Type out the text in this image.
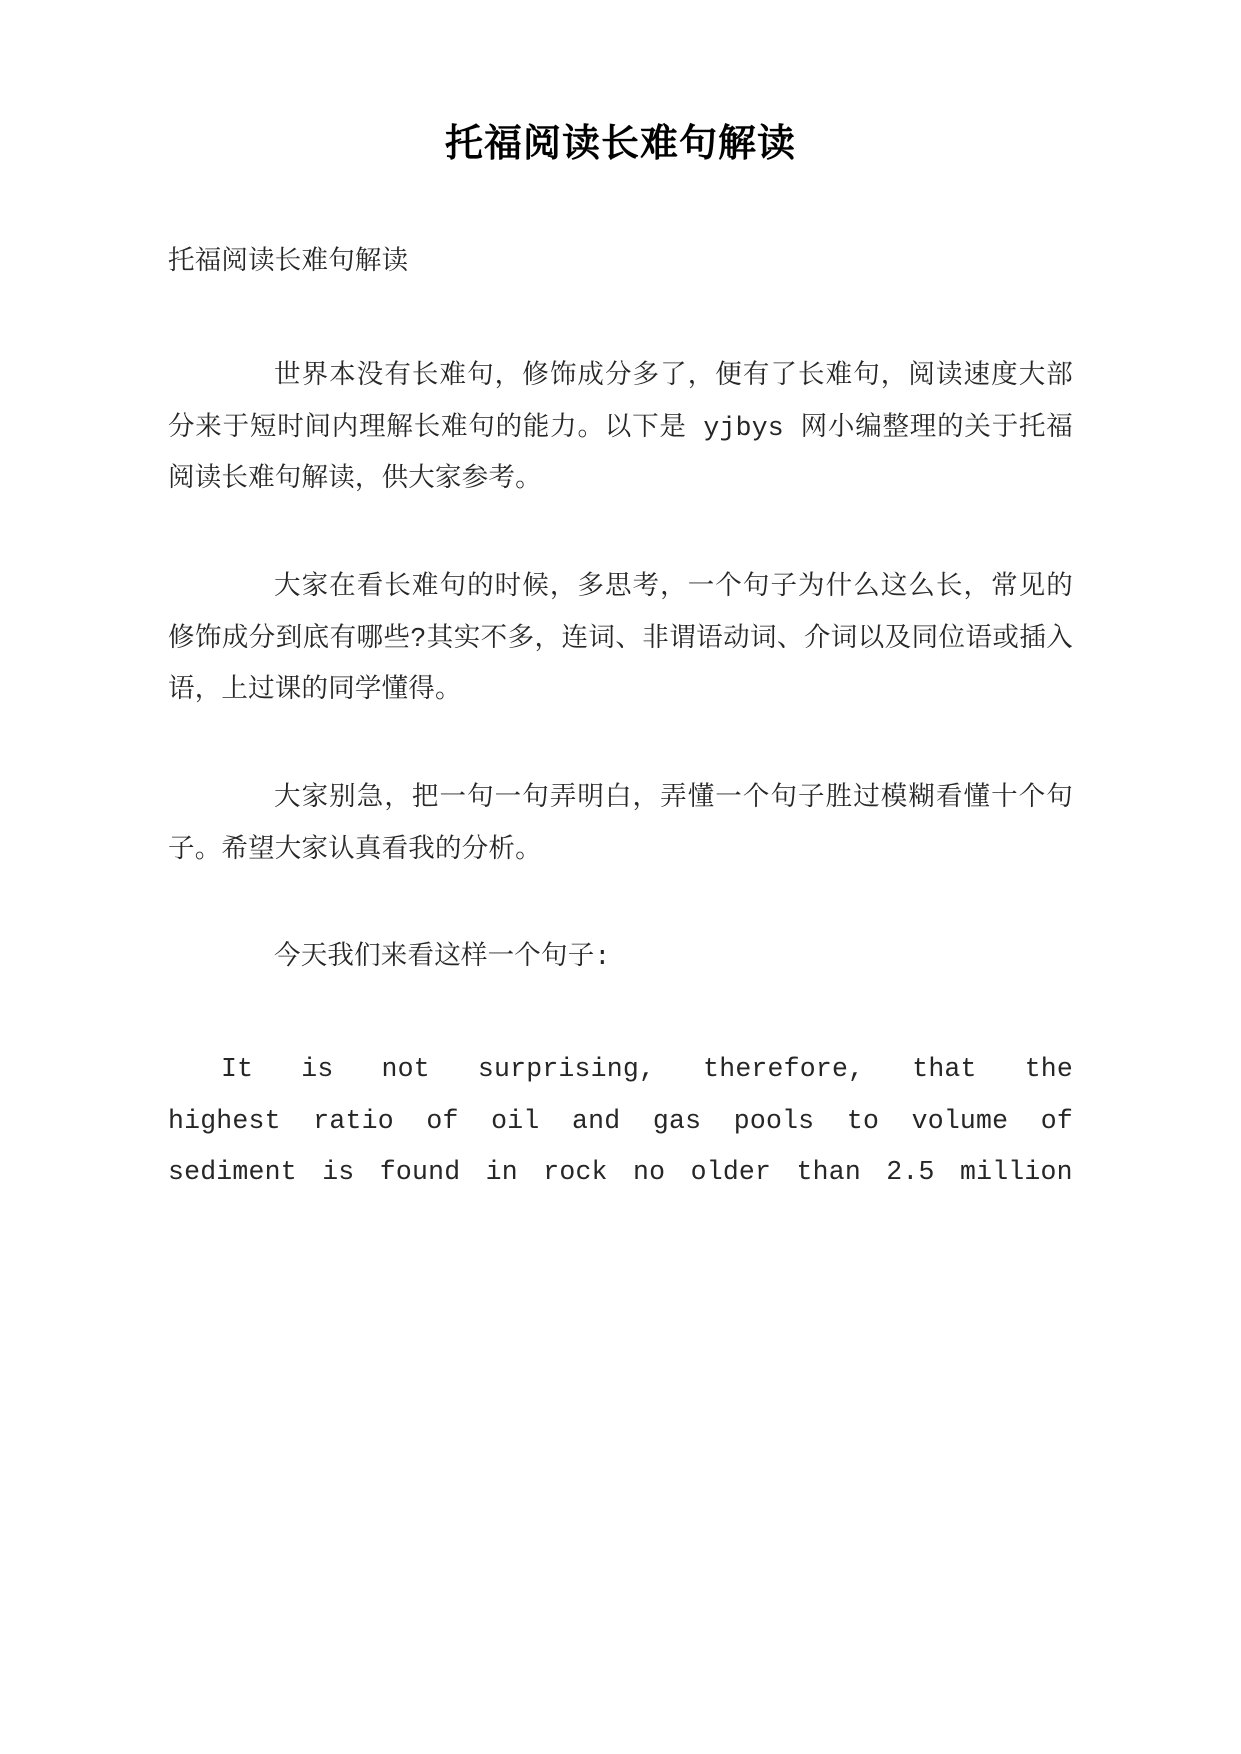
托福阅读长难句解读

托福阅读长难句解读

世界本没有长难句，修饰成分多了，便有了长难句，阅读速度大部分来于短时间内理解长难句的能力。以下是 yjbys 网小编整理的关于托福阅读长难句解读，供大家参考。

大家在看长难句的时候，多思考，一个句子为什么这么长，常见的修饰成分到底有哪些?其实不多，连词、非谓语动词、介词以及同位语或插入语，上过课的同学懂得。

大家别急，把一句一句弄明白，弄懂一个句子胜过模糊看懂十个句子。希望大家认真看我的分析。

今天我们来看这样一个句子:

It is not surprising, therefore, that the highest ratio of oil and gas pools to volume of sediment is found in rock no older than 2.5 million
